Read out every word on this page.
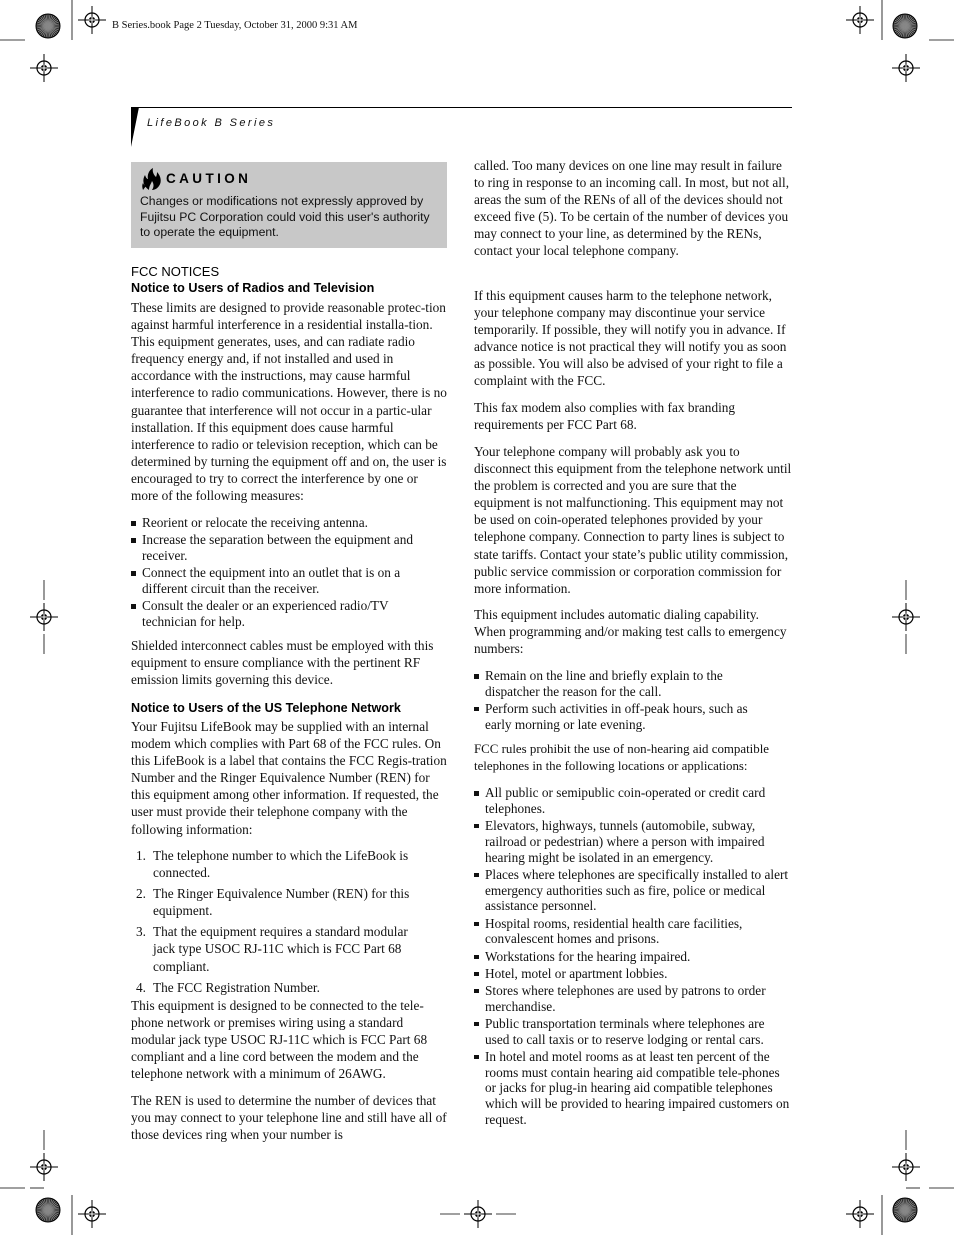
B Series.book Page 2 Tuesday, October 31, 2000 9:31 AM
LifeBook B Series
CAUTION
Changes or modifications not expressly approved by Fujitsu PC Corporation could void this user's authority to operate the equipment.
FCC NOTICES
Notice to Users of Radios and Television
These limits are designed to provide reasonable protec-tion against harmful interference in a residential installa-tion. This equipment generates, uses, and can radiate radio frequency energy and, if not installed and used in accordance with the instructions, may cause harmful interference to radio communications. However, there is no guarantee that interference will not occur in a partic-ular installation. If this equipment does cause harmful interference to radio or television reception, which can be determined by turning the equipment off and on, the user is encouraged to try to correct the interference by one or more of the following measures:
Reorient or relocate the receiving antenna.
Increase the separation between the equipment and receiver.
Connect the equipment into an outlet that is on a different circuit than the receiver.
Consult the dealer or an experienced radio/TV technician for help.
Shielded interconnect cables must be employed with this equipment to ensure compliance with the pertinent RF emission limits governing this device.
Notice to Users of the US Telephone Network
Your Fujitsu LifeBook may be supplied with an internal modem which complies with Part 68 of the FCC rules. On this LifeBook is a label that contains the FCC Regis-tration Number and the Ringer Equivalence Number (REN) for this equipment among other information. If requested, the user must provide their telephone company with the following information:
1. The telephone number to which the LifeBook is connected.
2. The Ringer Equivalence Number (REN) for this equipment.
3. That the equipment requires a standard modular jack type USOC RJ-11C which is FCC Part 68 compliant.
4. The FCC Registration Number.
This equipment is designed to be connected to the tele-phone network or premises wiring using a standard modular jack type USOC RJ-11C which is FCC Part 68 compliant and a line cord between the modem and the telephone network with a minimum of 26AWG.
The REN is used to determine the number of devices that you may connect to your telephone line and still have all of those devices ring when your number is
called. Too many devices on one line may result in failure to ring in response to an incoming call. In most, but not all, areas the sum of the RENs of all of the devices should not exceed five (5). To be certain of the number of devices you may connect to your line, as determined by the RENs, contact your local telephone company.
If this equipment causes harm to the telephone network, your telephone company may discontinue your service temporarily. If possible, they will notify you in advance. If advance notice is not practical they will notify you as soon as possible. You will also be advised of your right to file a complaint with the FCC.
This fax modem also complies with fax branding requirements per FCC Part 68.
Your telephone company will probably ask you to disconnect this equipment from the telephone network until the problem is corrected and you are sure that the equipment is not malfunctioning. This equipment may not be used on coin-operated telephones provided by your telephone company. Connection to party lines is subject to state tariffs. Contact your state’s public utility commission, public service commission or corporation commission for more information.
This equipment includes automatic dialing capability. When programming and/or making test calls to emergency numbers:
Remain on the line and briefly explain to the dispatcher the reason for the call.
Perform such activities in off-peak hours, such as early morning or late evening.
FCC rules prohibit the use of non-hearing aid compatible telephones in the following locations or applications:
All public or semipublic coin-operated or credit card telephones.
Elevators, highways, tunnels (automobile, subway, railroad or pedestrian) where a person with impaired hearing might be isolated in an emergency.
Places where telephones are specifically installed to alert emergency authorities such as fire, police or medical assistance personnel.
Hospital rooms, residential health care facilities, convalescent homes and prisons.
Workstations for the hearing impaired.
Hotel, motel or apartment lobbies.
Stores where telephones are used by patrons to order merchandise.
Public transportation terminals where telephones are used to call taxis or to reserve lodging or rental cars.
In hotel and motel rooms as at least ten percent of the rooms must contain hearing aid compatible tele-phones or jacks for plug-in hearing aid compatible telephones which will be provided to hearing impaired customers on request.
